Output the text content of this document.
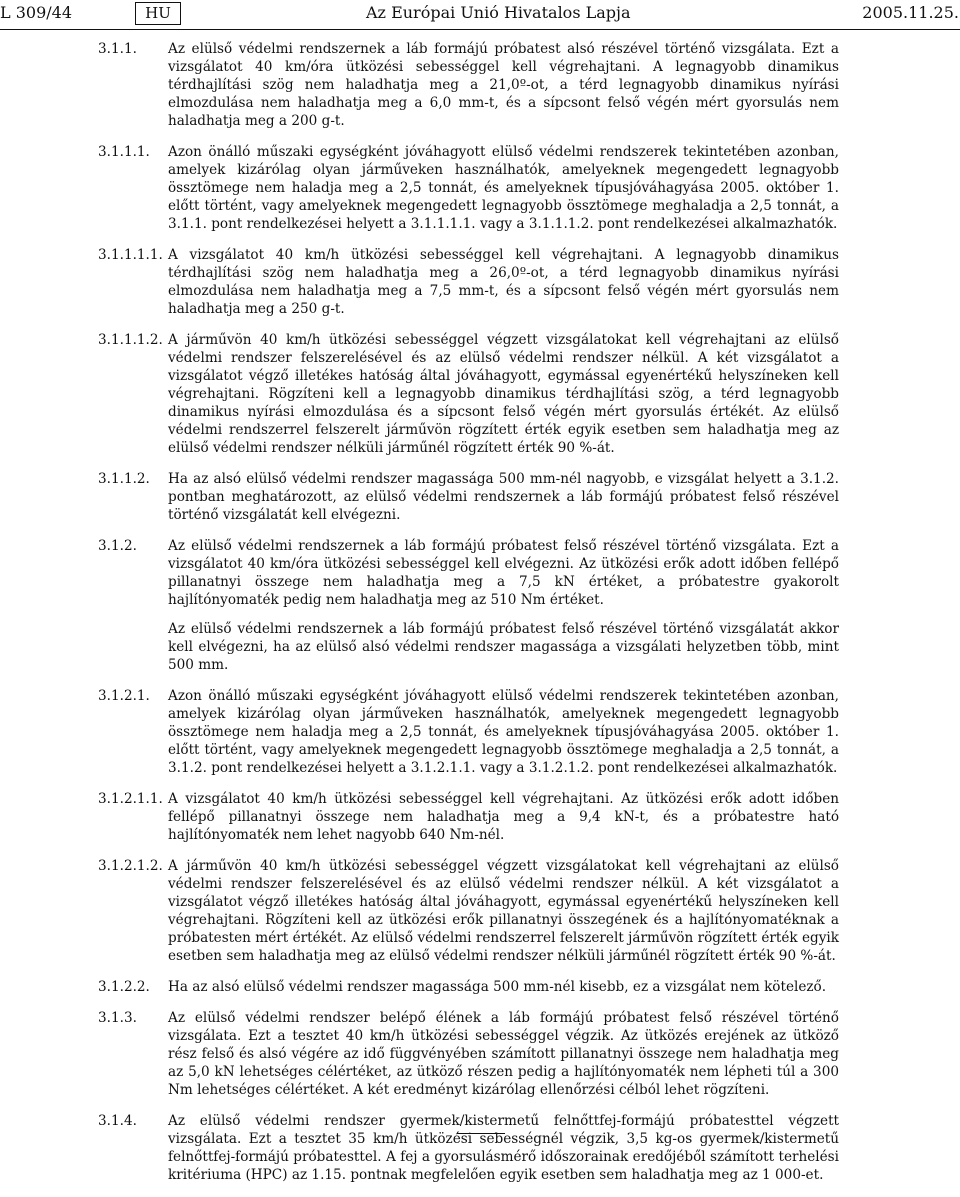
L 309/44	HU	Az Európai Unió Hivatalos Lapja	2005.11.25.
3.1.1. Az elülső védelmi rendszernek a láb formájú próbatest alsó részével történő vizsgálata. Ezt a vizsgálatot 40 km/óra ütközési sebességgel kell végrehajtani. A legnagyobb dinamikus térdhajlítási szög nem haladhatja meg a 21,0º-ot, a térd legnagyobb dinamikus nyírási elmozdulása nem haladhatja meg a 6,0 mm-t, és a sípcsont felső végén mért gyorsulás nem haladhatja meg a 200 g-t.

3.1.1.1. Azon önálló műszaki egységként jóváhagyott elülső védelmi rendszerek tekintetében azonban, amelyek kizárólag olyan járműveken használhatók, amelyeknek megengedett legnagyobb össztömege nem haladja meg a 2,5 tonnát, és amelyeknek típusjóváhagyása 2005. október 1. előtt történt, vagy amelyeknek megengedett legnagyobb össztömege meghaladja a 2,5 tonnát, a 3.1.1. pont rendelkezései helyett a 3.1.1.1.1. vagy a 3.1.1.1.2. pont rendelkezései alkalmazhatók.

3.1.1.1.1. A vizsgálatot 40 km/h ütközési sebességgel kell végrehajtani. A legnagyobb dinamikus térdhajlítási szög nem haladhatja meg a 26,0º-ot, a térd legnagyobb dinamikus nyírási elmozdulása nem haladhatja meg a 7,5 mm-t, és a sípcsont felső végén mért gyorsulás nem haladhatja meg a 250 g-t.

3.1.1.1.2. A járművön 40 km/h ütközési sebességgel végzett vizsgálatokat kell végrehajtani az elülső védelmi rendszer felszerelésével és az elülső védelmi rendszer nélkül. A két vizsgálatot a vizsgálatot végző illetékes hatóság által jóváhagyott, egymással egyenértékű helyszíneken kell végrehajtani. Rögzíteni kell a legnagyobb dinamikus térdhajlítási szög, a térd legnagyobb dinamikus nyírási elmozdulása és a sípcsont felső végén mért gyorsulás értékét. Az elülső védelmi rendszerrel felszerelt járművön rögzített érték egyik esetben sem haladhatja meg az elülső védelmi rendszer nélküli járműnél rögzített érték 90 %-át.

3.1.1.2. Ha az alsó elülső védelmi rendszer magassága 500 mm-nél nagyobb, e vizsgálat helyett a 3.1.2. pontban meghatározott, az elülső védelmi rendszernek a láb formájú próbatest felső részével történő vizsgálatát kell elvégezni.

3.1.2. Az elülső védelmi rendszernek a láb formájú próbatest felső részével történő vizsgálata. Ezt a vizsgálatot 40 km/óra ütközési sebességgel kell elvégezni. Az ütközési erők adott időben fellépő pillanatnyi összege nem haladhatja meg a 7,5 kN értéket, a próbatestre gyakorolt hajlítónyomaték pedig nem haladhatja meg az 510 Nm értéket.

Az elülső védelmi rendszernek a láb formájú próbatest felső részével történő vizsgálatát akkor kell elvégezni, ha az elülső alsó védelmi rendszer magassága a vizsgálati helyzetben több, mint 500 mm.

3.1.2.1. Azon önálló műszaki egységként jóváhagyott elülső védelmi rendszerek tekintetében azonban, amelyek kizárólag olyan járműveken használhatók, amelyeknek megengedett legnagyobb össztömege nem haladja meg a 2,5 tonnát, és amelyeknek típusjóváhagyása 2005. október 1. előtt történt, vagy amelyeknek megengedett legnagyobb össztömege meghaladja a 2,5 tonnát, a 3.1.2. pont rendelkezései helyett a 3.1.2.1.1. vagy a 3.1.2.1.2. pont rendelkezései alkalmazhatók.

3.1.2.1.1. A vizsgálatot 40 km/h ütközési sebességgel kell végrehajtani. Az ütközési erők adott időben fellépő pillanatnyi összege nem haladhatja meg a 9,4 kN-t, és a próbatestre ható hajlítónyomaték nem lehet nagyobb 640 Nm-nél.

3.1.2.1.2. A járművön 40 km/h ütközési sebességgel végzett vizsgálatokat kell végrehajtani az elülső védelmi rendszer felszerelésével és az elülső védelmi rendszer nélkül. A két vizsgálatot a vizsgálatot végző illetékes hatóság által jóváhagyott, egymással egyenértékű helyszíneken kell végrehajtani. Rögzíteni kell az ütközési erők pillanatnyi összegének és a hajlítónyomatéknak a próbatesten mért értékét. Az elülső védelmi rendszerrel felszerelt járművön rögzített érték egyik esetben sem haladhatja meg az elülső védelmi rendszer nélküli járműnél rögzített érték 90 %-át.

3.1.2.2. Ha az alsó elülső védelmi rendszer magassága 500 mm-nél kisebb, ez a vizsgálat nem kötelező.

3.1.3. Az elülső védelmi rendszer belépő élének a láb formájú próbatest felső részével történő vizsgálata. Ezt a tesztet 40 km/h ütközési sebességgel végzik. Az ütközés erejének az ütköző rész felső és alsó végére az idő függvényében számított pillanatnyi összege nem haladhatja meg az 5,0 kN lehetséges célértéket, az ütköző részen pedig a hajlítónyomaték nem lépheti túl a 300 Nm lehetséges célértéket. A két eredményt kizárólag ellenőrzési célból lehet rögzíteni.

3.1.4. Az elülső védelmi rendszer gyermek/kistermetű felnőttfej-formájú próbatesttel végzett vizsgálata. Ezt a tesztet 35 km/h ütközési sebességnél végzik, 3,5 kg-os gyermek/kistermetű felnőttfej-formájú próbatesttel. A fej a gyorsulásmérő időszorainak eredőjéből számított terhelési kritériuma (HPC) az 1.15. pontnak megfelelően egyik esetben sem haladhatja meg az 1 000-et.
